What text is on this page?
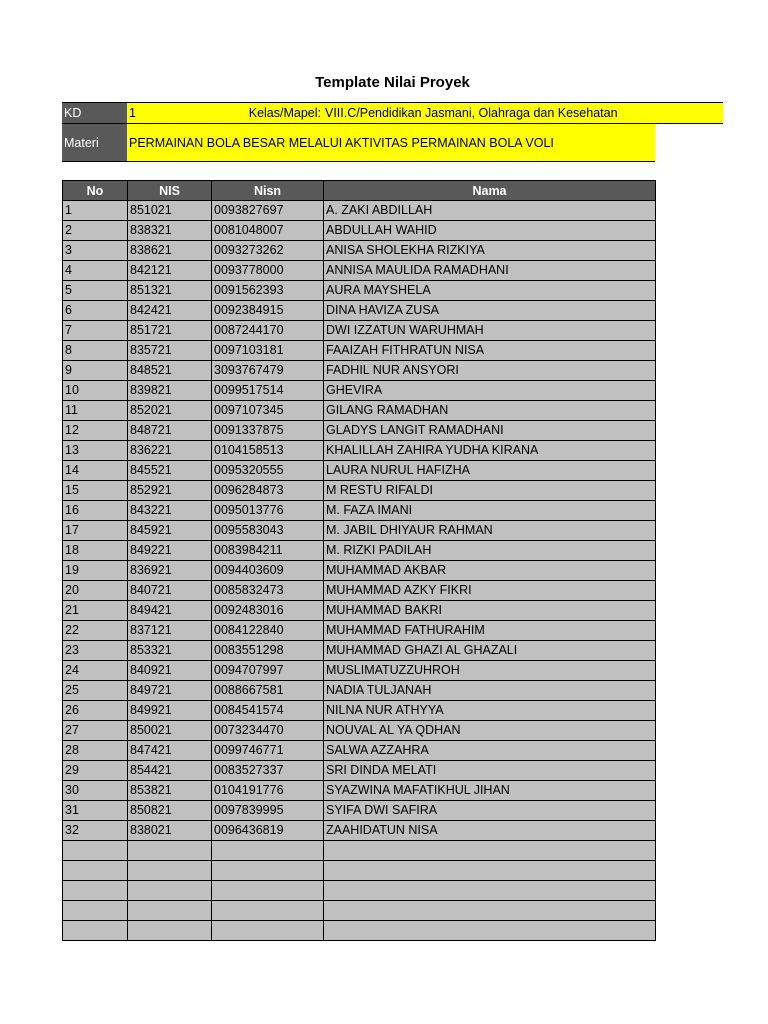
Template Nilai Proyek
KD	1	Kelas/Mapel:	VIII.C/Pendidikan Jasmani, Olahraga dan Kesehatan	
Materi	PERMAINAN BOLA BESAR MELALUI AKTIVITAS PERMAINAN BOLA VOLI			
No	NIS	Nisn	Nama
1	851021	0093827697	A. ZAKI ABDILLAH
2	838321	0081048007	ABDULLAH WAHID
3	838621	0093273262	ANISA SHOLEKHA RIZKIYA
4	842121	0093778000	ANNISA MAULIDA RAMADHANI
5	851321	0091562393	AURA MAYSHELA
6	842421	0092384915	DINA HAVIZA ZUSA
7	851721	0087244170	DWI IZZATUN WARUHMAH
8	835721	0097103181	FAAIZAH FITHRATUN NISA
9	848521	3093767479	FADHIL NUR ANSYORI
10	839821	0099517514	GHEVIRA
11	852021	0097107345	GILANG RAMADHAN
12	848721	0091337875	GLADYS LANGIT RAMADHANI
13	836221	0104158513	KHALILLAH ZAHIRA YUDHA KIRANA
14	845521	0095320555	LAURA NURUL HAFIZHA
15	852921	0096284873	M RESTU RIFALDI
16	843221	0095013776	M. FAZA IMANI
17	845921	0095583043	M. JABIL DHIYAUR RAHMAN
18	849221	0083984211	M. RIZKI PADILAH
19	836921	0094403609	MUHAMMAD AKBAR
20	840721	0085832473	MUHAMMAD AZKY FIKRI
21	849421	0092483016	MUHAMMAD BAKRI
22	837121	0084122840	MUHAMMAD FATHURAHIM
23	853321	0083551298	MUHAMMAD GHAZI AL GHAZALI
24	840921	0094707997	MUSLIMATUZZUHROH
25	849721	0088667581	NADIA TULJANAH
26	849921	0084541574	NILNA NUR ATHYYA
27	850021	0073234470	NOUVAL AL YA QDHAN
28	847421	0099746771	SALWA AZZAHRA
29	854421	0083527337	SRI DINDA MELATI
30	853821	0104191776	SYAZWINA MAFATIKHUL JIHAN
31	850821	0097839995	SYIFA DWI SAFIRA
32	838021	0096436819	ZAAHIDATUN NISA
